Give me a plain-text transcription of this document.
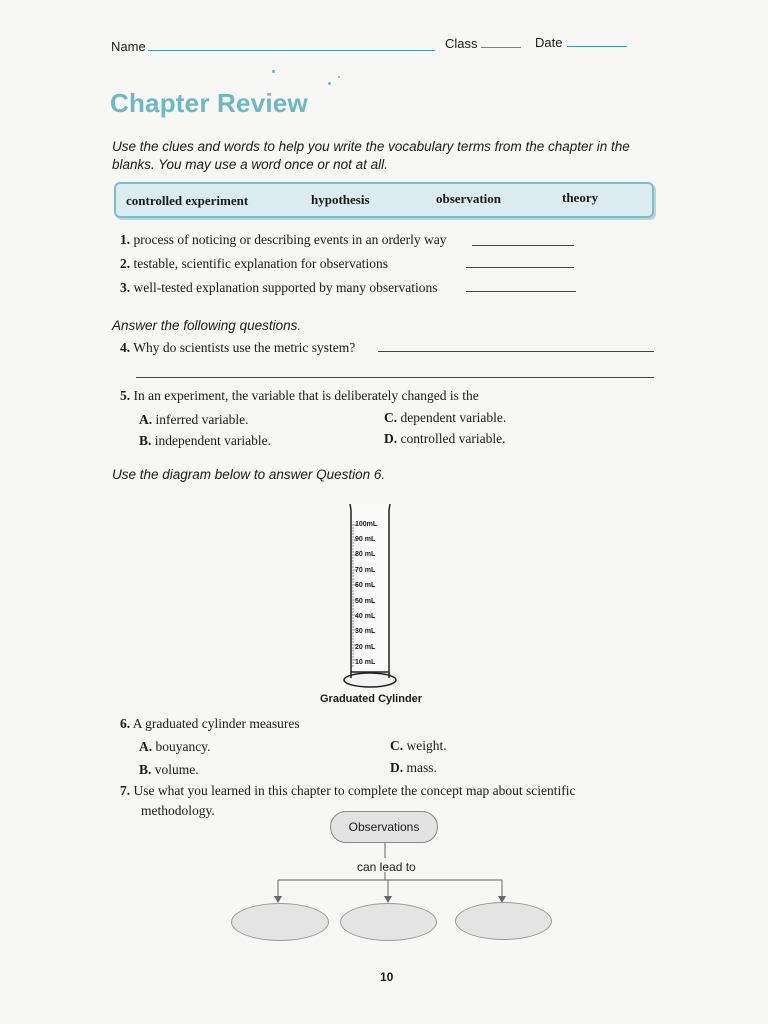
Name	Class	Date
Chapter Review
Use the clues and words to help you write the vocabulary terms from the chapter in the blanks. You may use a word once or not at all.
controlled experiment	hypothesis	observation	theory
1. process of noticing or describing events in an orderly way
2. testable, scientific explanation for observations
3. well-tested explanation supported by many observations
Answer the following questions.
4. Why do scientists use the metric system?
5. In an experiment, the variable that is deliberately changed is the
A. inferred variable.
B. independent variable.
C. dependent variable.
D. controlled variable.
Use the diagram below to answer Question 6.
100mL
90 mL
80 mL
70 mL
60 mL
50 mL
40 mL
30 mL
20 mL
10 mL
Graduated Cylinder
6. A graduated cylinder measures
A. bouyancy.
B. volume.
C. weight.
D. mass.
7. Use what you learned in this chapter to complete the concept map about scientific
methodology.
Observations
can lead to
10
